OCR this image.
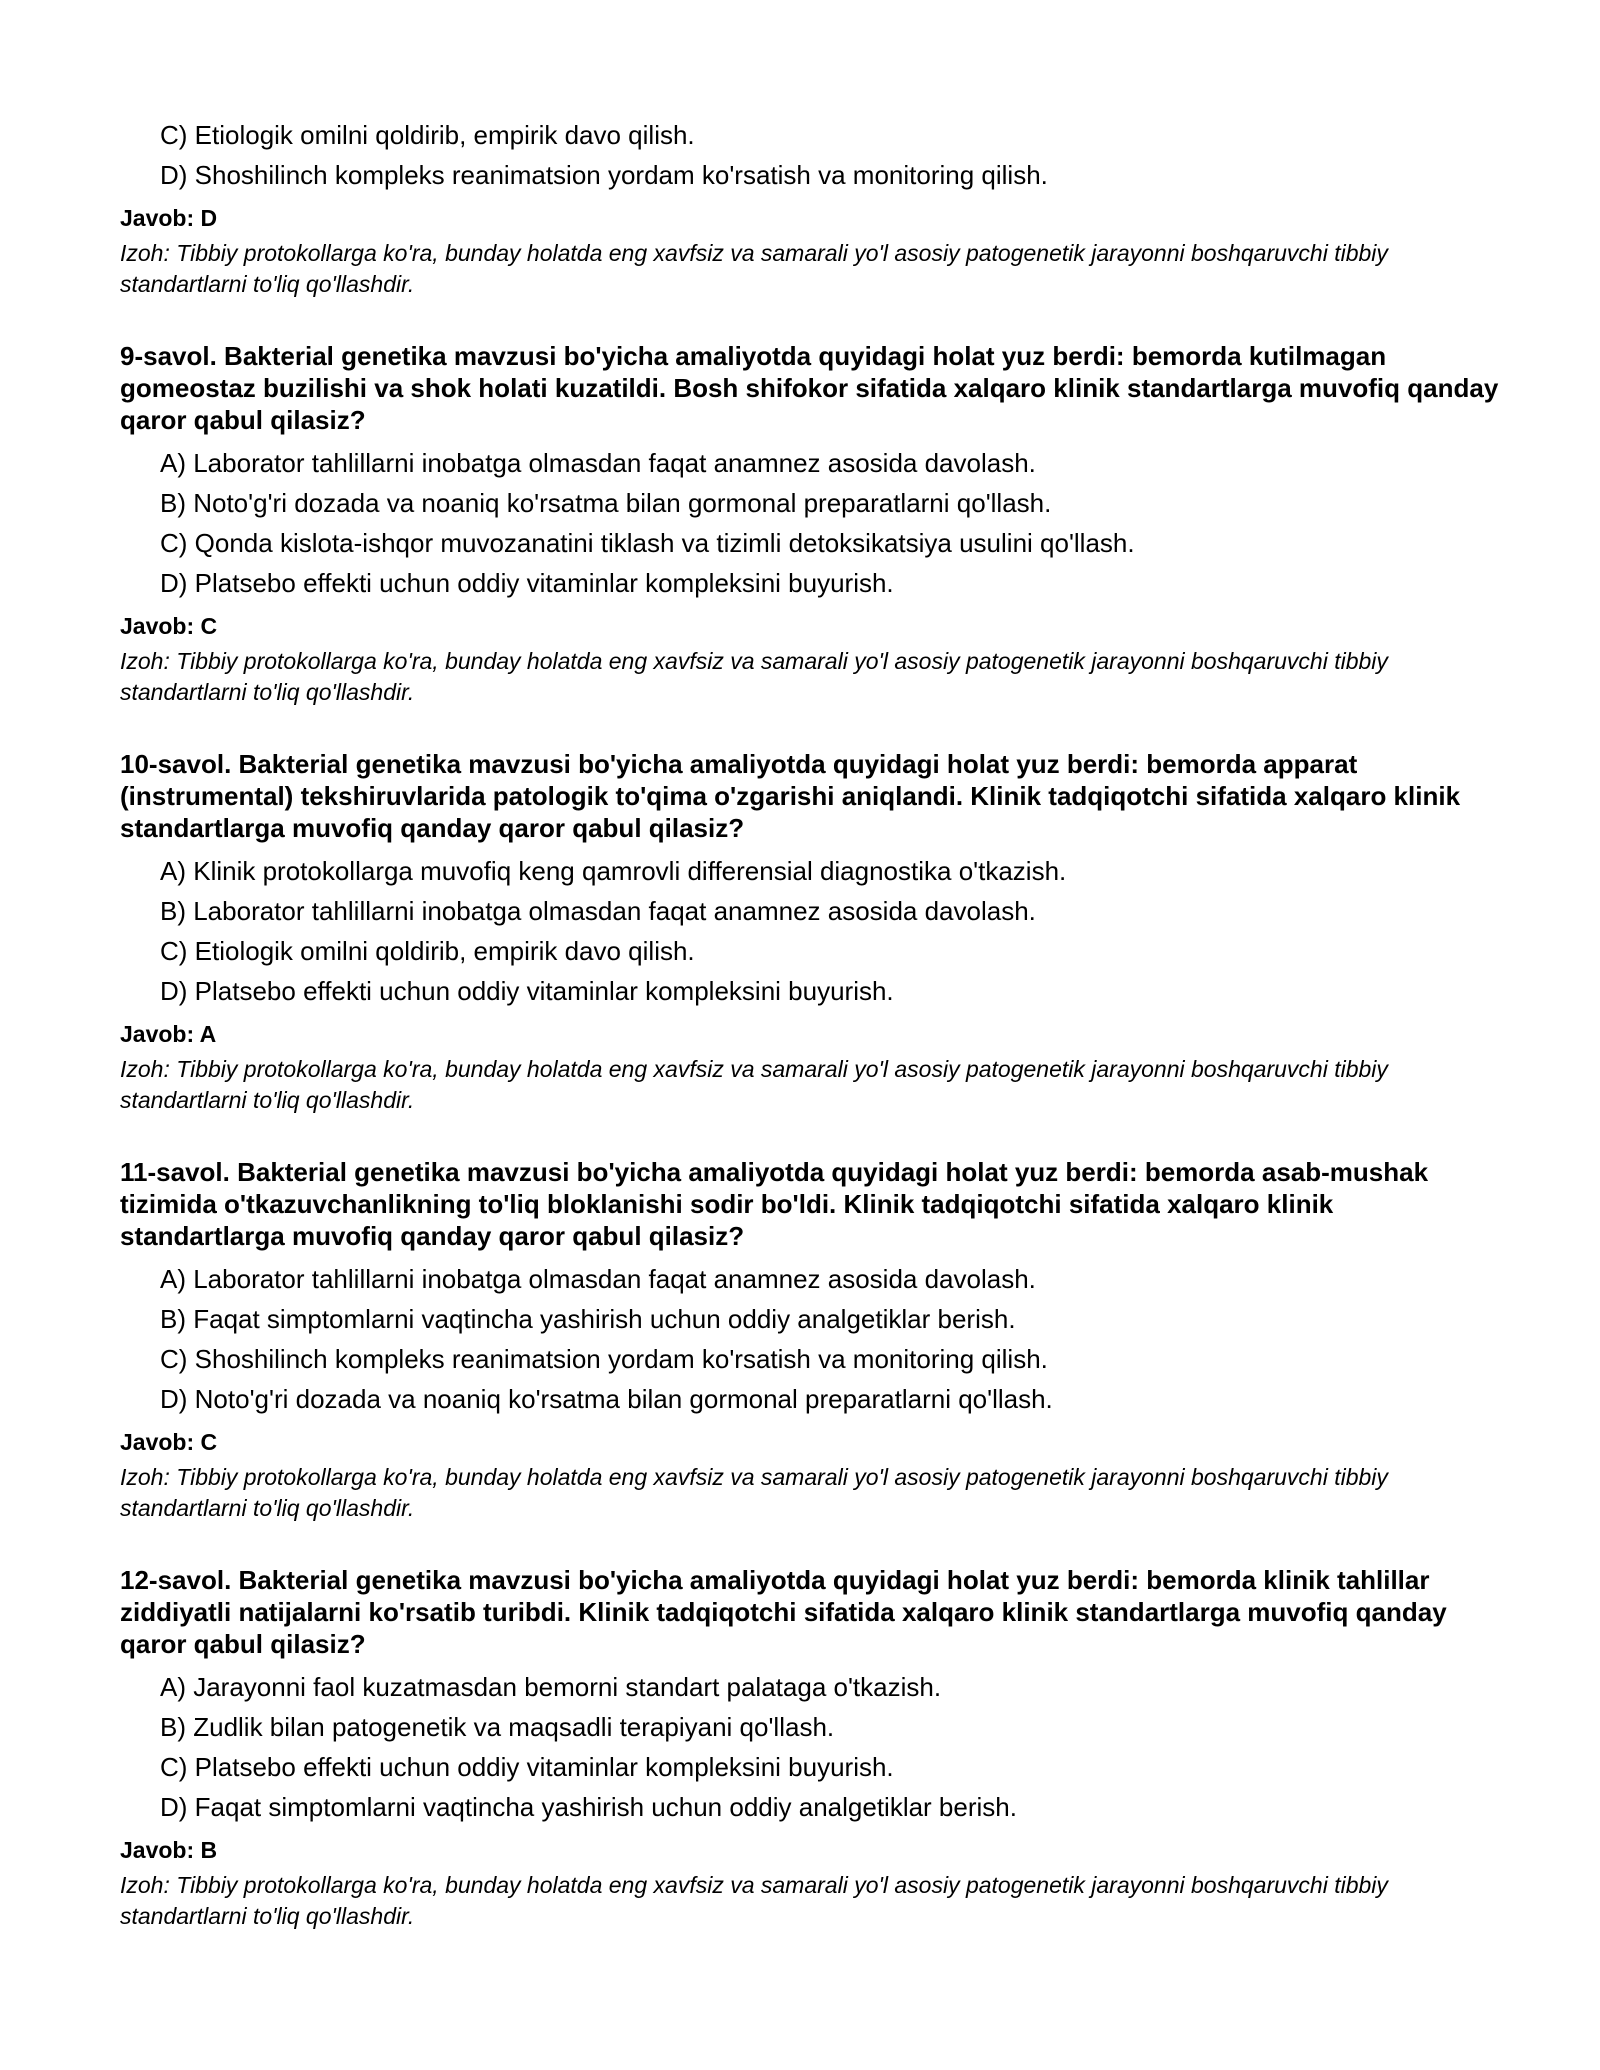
C) Etiologik omilni qoldirib, empirik davo qilish.
D) Shoshilinch kompleks reanimatsion yordam ko'rsatish va monitoring qilish.
Javob: D
Izoh: Tibbiy protokollarga ko'ra, bunday holatda eng xavfsiz va samarali yo'l asosiy patogenetik jarayonni boshqaruvchi tibbiy standartlarni to'liq qo'llashdir.
9-savol. Bakterial genetika mavzusi bo'yicha amaliyotda quyidagi holat yuz berdi: bemorda kutilmagan gomeostaz buzilishi va shok holati kuzatildi. Bosh shifokor sifatida xalqaro klinik standartlarga muvofiq qanday qaror qabul qilasiz?
A) Laborator tahlillarni inobatga olmasdan faqat anamnez asosida davolash.
B) Noto'g'ri dozada va noaniq ko'rsatma bilan gormonal preparatlarni qo'llash.
C) Qonda kislota-ishqor muvozanatini tiklash va tizimli detoksikatsiya usulini qo'llash.
D) Platsebo effekti uchun oddiy vitaminlar kompleksini buyurish.
Javob: C
Izoh: Tibbiy protokollarga ko'ra, bunday holatda eng xavfsiz va samarali yo'l asosiy patogenetik jarayonni boshqaruvchi tibbiy standartlarni to'liq qo'llashdir.
10-savol. Bakterial genetika mavzusi bo'yicha amaliyotda quyidagi holat yuz berdi: bemorda apparat (instrumental) tekshiruvlarida patologik to'qima o'zgarishi aniqlandi. Klinik tadqiqotchi sifatida xalqaro klinik standartlarga muvofiq qanday qaror qabul qilasiz?
A) Klinik protokollarga muvofiq keng qamrovli differensial diagnostika o'tkazish.
B) Laborator tahlillarni inobatga olmasdan faqat anamnez asosida davolash.
C) Etiologik omilni qoldirib, empirik davo qilish.
D) Platsebo effekti uchun oddiy vitaminlar kompleksini buyurish.
Javob: A
Izoh: Tibbiy protokollarga ko'ra, bunday holatda eng xavfsiz va samarali yo'l asosiy patogenetik jarayonni boshqaruvchi tibbiy standartlarni to'liq qo'llashdir.
11-savol. Bakterial genetika mavzusi bo'yicha amaliyotda quyidagi holat yuz berdi: bemorda asab-mushak tizimida o'tkazuvchanlikning to'liq bloklanishi sodir bo'ldi. Klinik tadqiqotchi sifatida xalqaro klinik standartlarga muvofiq qanday qaror qabul qilasiz?
A) Laborator tahlillarni inobatga olmasdan faqat anamnez asosida davolash.
B) Faqat simptomlarni vaqtincha yashirish uchun oddiy analgetiklar berish.
C) Shoshilinch kompleks reanimatsion yordam ko'rsatish va monitoring qilish.
D) Noto'g'ri dozada va noaniq ko'rsatma bilan gormonal preparatlarni qo'llash.
Javob: C
Izoh: Tibbiy protokollarga ko'ra, bunday holatda eng xavfsiz va samarali yo'l asosiy patogenetik jarayonni boshqaruvchi tibbiy standartlarni to'liq qo'llashdir.
12-savol. Bakterial genetika mavzusi bo'yicha amaliyotda quyidagi holat yuz berdi: bemorda klinik tahlillar ziddiyatli natijalarni ko'rsatib turibdi. Klinik tadqiqotchi sifatida xalqaro klinik standartlarga muvofiq qanday qaror qabul qilasiz?
A) Jarayonni faol kuzatmasdan bemorni standart palataga o'tkazish.
B) Zudlik bilan patogenetik va maqsadli terapiyani qo'llash.
C) Platsebo effekti uchun oddiy vitaminlar kompleksini buyurish.
D) Faqat simptomlarni vaqtincha yashirish uchun oddiy analgetiklar berish.
Javob: B
Izoh: Tibbiy protokollarga ko'ra, bunday holatda eng xavfsiz va samarali yo'l asosiy patogenetik jarayonni boshqaruvchi tibbiy standartlarni to'liq qo'llashdir.
